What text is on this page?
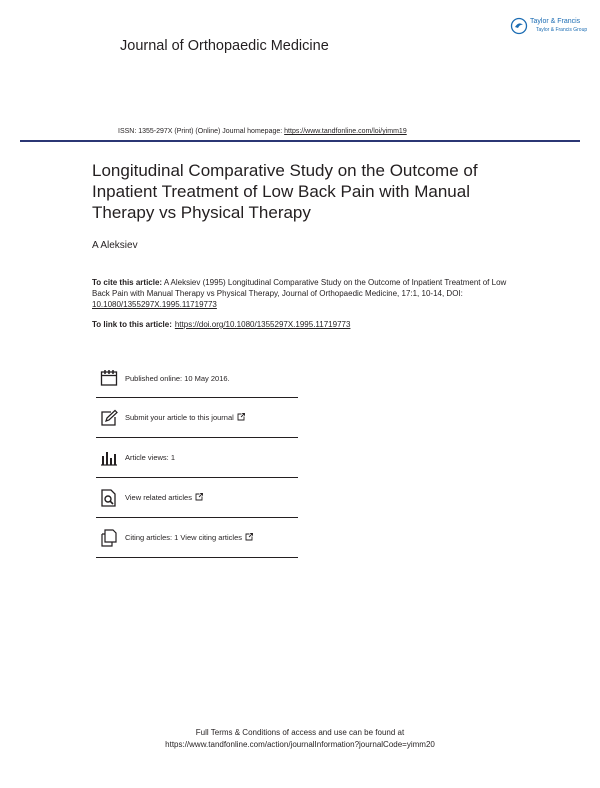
Journal of Orthopaedic Medicine
Taylor & Francis
Taylor & Francis Group
ISSN: 1355-297X (Print) (Online) Journal homepage: https://www.tandfonline.com/loi/yimm19
Longitudinal Comparative Study on the Outcome of Inpatient Treatment of Low Back Pain with Manual Therapy vs Physical Therapy
A Aleksiev
To cite this article: A Aleksiev (1995) Longitudinal Comparative Study on the Outcome of Inpatient Treatment of Low Back Pain with Manual Therapy vs Physical Therapy, Journal of Orthopaedic Medicine, 17:1, 10-14, DOI: 10.1080/1355297X.1995.11719773
To link to this article: https://doi.org/10.1080/1355297X.1995.11719773
Published online: 10 May 2016.
Submit your article to this journal
Article views: 1
View related articles
Citing articles: 1 View citing articles
Full Terms & Conditions of access and use can be found at
https://www.tandfonline.com/action/journalInformation?journalCode=yimm20
